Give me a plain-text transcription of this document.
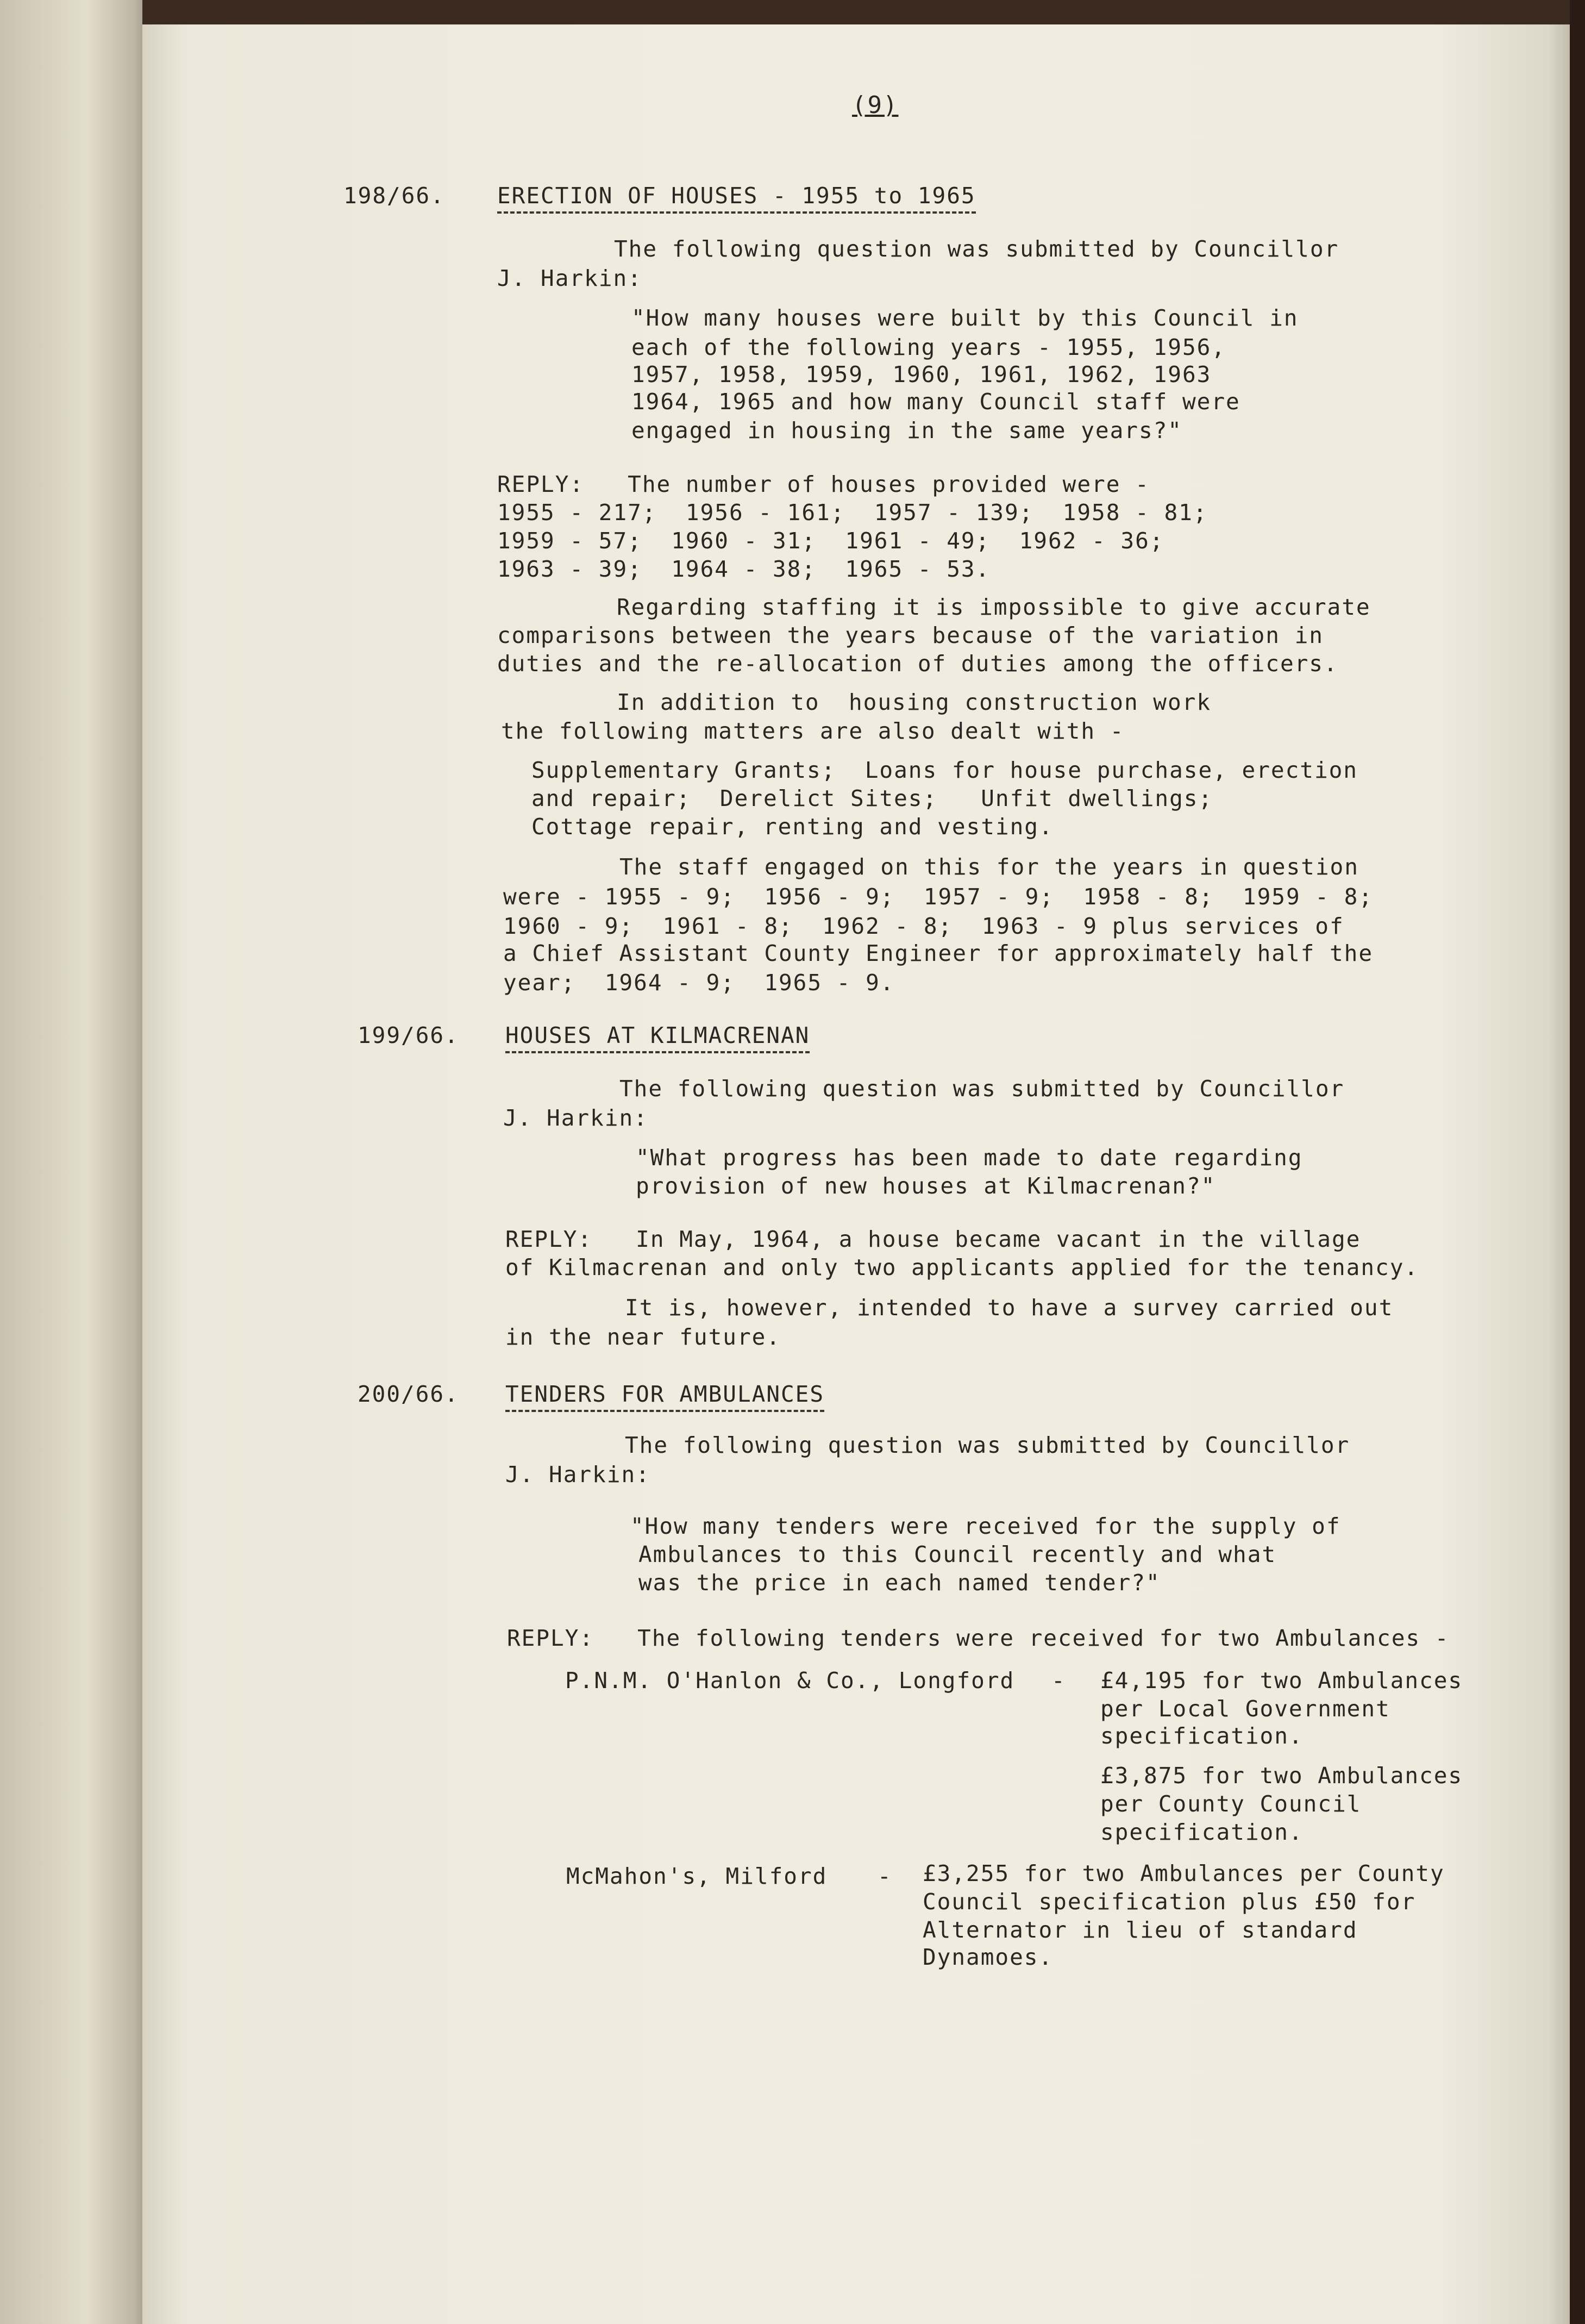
(9)
198/66. ERECTION OF HOUSES - 1955 to 1965
The following question was submitted by Councillor
J. Harkin:
"How many houses were built by this Council in
each of the following years - 1955, 1956,
1957, 1958, 1959, 1960, 1961, 1962, 1963
1964, 1965 and how many Council staff were
engaged in housing in the same years?"
REPLY:   The number of houses provided were -
1955 - 217;  1956 - 161;  1957 - 139;  1958 - 81;
1959 - 57;  1960 - 31;  1961 - 49;  1962 - 36;
1963 - 39;  1964 - 38;  1965 - 53.
Regarding staffing it is impossible to give accurate
comparisons between the years because of the variation in
duties and the re-allocation of duties among the officers.
In addition to  housing construction work
the following matters are also dealt with -
Supplementary Grants;  Loans for house purchase, erection
and repair;  Derelict Sites;   Unfit dwellings;
Cottage repair, renting and vesting.
The staff engaged on this for the years in question
were - 1955 - 9;  1956 - 9;  1957 - 9;  1958 - 8;  1959 - 8;
1960 - 9;  1961 - 8;  1962 - 8;  1963 - 9 plus services of
a Chief Assistant County Engineer for approximately half the
year;  1964 - 9;  1965 - 9.
199/66. HOUSES AT KILMACRENAN
The following question was submitted by Councillor
J. Harkin:
"What progress has been made to date regarding
provision of new houses at Kilmacrenan?"
REPLY:   In May, 1964, a house became vacant in the village
of Kilmacrenan and only two applicants applied for the tenancy.
It is, however, intended to have a survey carried out
in the near future.
200/66. TENDERS FOR AMBULANCES
The following question was submitted by Councillor
J. Harkin:
"How many tenders were received for the supply of
Ambulances to this Council recently and what
was the price in each named tender?"
REPLY:   The following tenders were received for two Ambulances -
P.N.M. O'Hanlon & Co., Longford - £4,195 for two Ambulances
per Local Government
specification.
£3,875 for two Ambulances
per County Council
specification.
McMahon's, Milford - £3,255 for two Ambulances per County
Council specification plus £50 for
Alternator in lieu of standard
Dynamoes.
